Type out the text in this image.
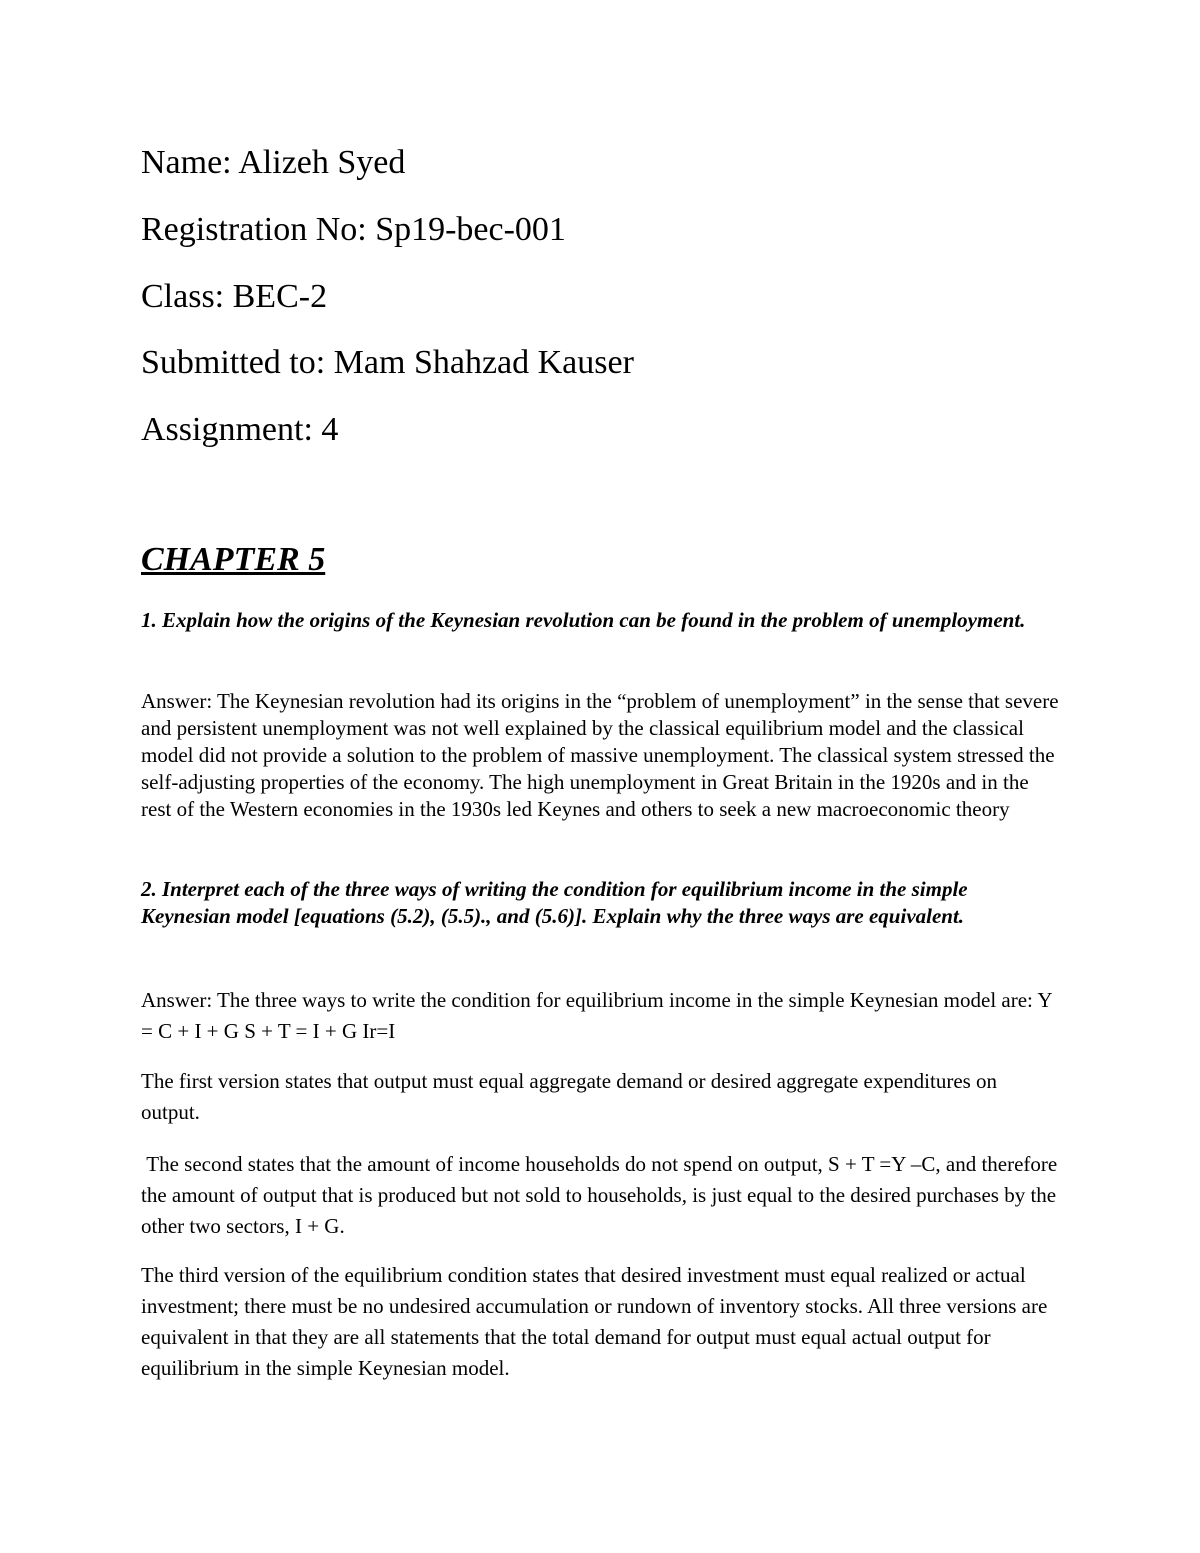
Name: Alizeh Syed
Registration No: Sp19-bec-001
Class: BEC-2
Submitted to: Mam Shahzad Kauser
Assignment: 4
CHAPTER 5
1. Explain how the origins of the Keynesian revolution can be found in the problem of unemployment.
Answer: The Keynesian revolution had its origins in the “problem of unemployment” in the sense that severe and persistent unemployment was not well explained by the classical equilibrium model and the classical model did not provide a solution to the problem of massive unemployment. The classical system stressed the self-adjusting properties of the economy. The high unemployment in Great Britain in the 1920s and in the rest of the Western economies in the 1930s led Keynes and others to seek a new macroeconomic theory
2. Interpret each of the three ways of writing the condition for equilibrium income in the simple Keynesian model [equations (5.2), (5.5)., and (5.6)]. Explain why the three ways are equivalent.
Answer: The three ways to write the condition for equilibrium income in the simple Keynesian model are: Y = C + I + G S + T = I + G Ir=I
The first version states that output must equal aggregate demand or desired aggregate expenditures on output.
The second states that the amount of income households do not spend on output, S + T =Y –C, and therefore the amount of output that is produced but not sold to households, is just equal to the desired purchases by the other two sectors, I + G.
The third version of the equilibrium condition states that desired investment must equal realized or actual investment; there must be no undesired accumulation or rundown of inventory stocks. All three versions are equivalent in that they are all statements that the total demand for output must equal actual output for equilibrium in the simple Keynesian model.
